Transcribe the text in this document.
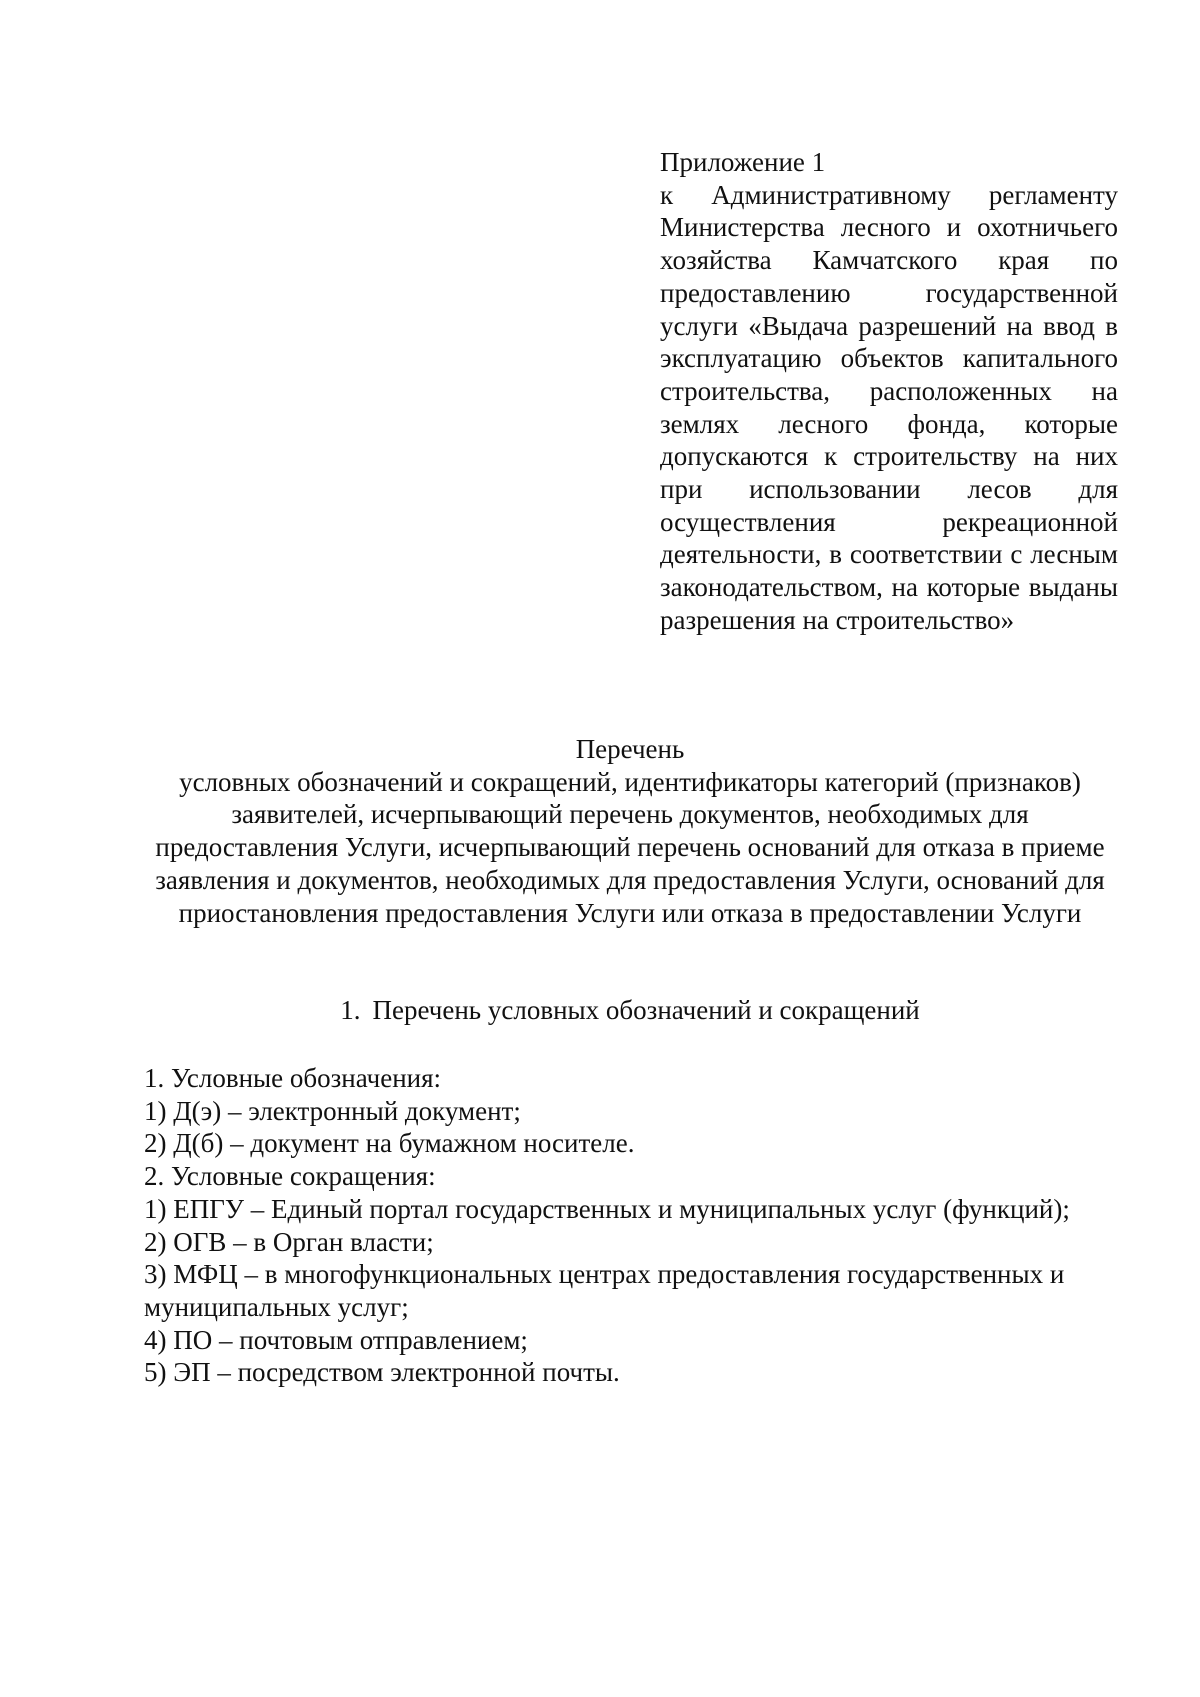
Приложение 1

к Административному регламенту Министерства лесного и охотничьего хозяйства Камчатского края по предоставлению государственной услуги «Выдача разрешений на ввод в эксплуатацию объектов капитального строительства, расположенных на землях лесного фонда, которые допускаются к строительству на них при использовании лесов для осуществления рекреационной деятельности, в соответствии с лесным законодательством, на которые выданы разрешения на строительство»

Перечень

условных обозначений и сокращений, идентификаторы категорий (признаков) заявителей, исчерпывающий перечень документов, необходимых для предоставления Услуги, исчерпывающий перечень оснований для отказа в приеме заявления и документов, необходимых для предоставления Услуги, оснований для приостановления предоставления Услуги или отказа в предоставлении Услуги

1. Перечень условных обозначений и сокращений

1. Условные обозначения:

1) Д(э) – электронный документ;

2) Д(б) – документ на бумажном носителе.

2. Условные сокращения:

1) ЕПГУ – Единый портал государственных и муниципальных услуг (функций);

2) ОГВ – в Орган власти;

3) МФЦ – в многофункциональных центрах предоставления государственных и муниципальных услуг;

4) ПО – почтовым отправлением;

5) ЭП – посредством электронной почты.
